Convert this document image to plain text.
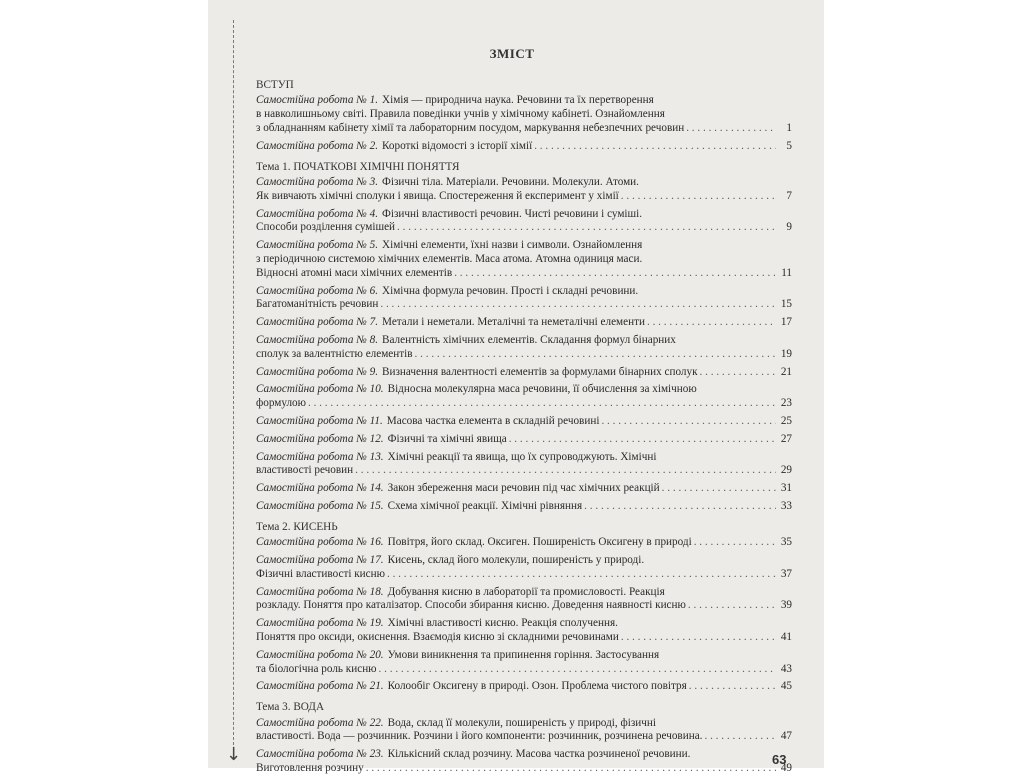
↓
ЗМІСТ
ВСТУП
Самостійна робота № 1. Хімія — природнича наука. Речовини та їх перетворення
в навколишньому світі. Правила поведінки учнів у хімічному кабінеті. Ознайомлення
з обладнанням кабінету хімії та лабораторним посудом, маркування небезпечних речовин . . .	1
Самостійна робота № 2. Короткі відомості з історії хімії . . .	5
Тема 1. ПОЧАТКОВІ ХІМІЧНІ ПОНЯТТЯ
Самостійна робота № 3. Фізичні тіла. Матеріали. Речовини. Молекули. Атоми.
Як вивчають хімічні сполуки і явища. Спостереження й експеримент у хімії . . .	7
Самостійна робота № 4. Фізичні властивості речовин. Чисті речовини і суміші.
Способи розділення сумішей . . .	9
Самостійна робота № 5. Хімічні елементи, їхні назви і символи. Ознайомлення
з періодичною системою хімічних елементів. Маса атома. Атомна одиниця маси.
Відносні атомні маси хімічних елементів . . .	11
Самостійна робота № 6. Хімічна формула речовин. Прості і складні речовини.
Багатоманітність речовин . . .	15
Самостійна робота № 7. Метали і неметали. Металічні та неметалічні елементи . . .	17
Самостійна робота № 8. Валентність хімічних елементів. Складання формул бінарних
сполук за валентністю елементів . . .	19
Самостійна робота № 9. Визначення валентності елементів за формулами бінарних сполук . . .	21
Самостійна робота № 10. Відносна молекулярна маса речовини, її обчислення за хімічною
формулою . . .	23
Самостійна робота № 11. Масова частка елемента в складній речовині . . .	25
Самостійна робота № 12. Фізичні та хімічні явища . . .	27
Самостійна робота № 13. Хімічні реакції та явища, що їх супроводжують. Хімічні
властивості речовин . . .	29
Самостійна робота № 14. Закон збереження маси речовин під час хімічних реакцій . . .	31
Самостійна робота № 15. Схема хімічної реакції. Хімічні рівняння . . .	33
Тема 2. КИСЕНЬ
Самостійна робота № 16. Повітря, його склад. Оксиген. Поширеність Оксигену в природі . . .	35
Самостійна робота № 17. Кисень, склад його молекули, поширеність у природі.
Фізичні властивості кисню . . .	37
Самостійна робота № 18. Добування кисню в лабораторії та промисловості. Реакція
розкладу. Поняття про каталізатор. Способи збирання кисню. Доведення наявності кисню . . .	39
Самостійна робота № 19. Хімічні властивості кисню. Реакція сполучення.
Поняття про оксиди, окиснення. Взаємодія кисню зі складними речовинами . . .	41
Самостійна робота № 20. Умови виникнення та припинення горіння. Застосування
та біологічна роль кисню . . .	43
Самостійна робота № 21. Колообіг Оксигену в природі. Озон. Проблема чистого повітря . . .	45
Тема 3. ВОДА
Самостійна робота № 22. Вода, склад її молекули, поширеність у природі, фізичні
властивості. Вода — розчинник. Розчини і його компоненти: розчинник, розчинена речовина. . . .	47
Самостійна робота № 23. Кількісний склад розчину. Масова частка розчиненої речовини.
Виготовлення розчину . . .	49
63
